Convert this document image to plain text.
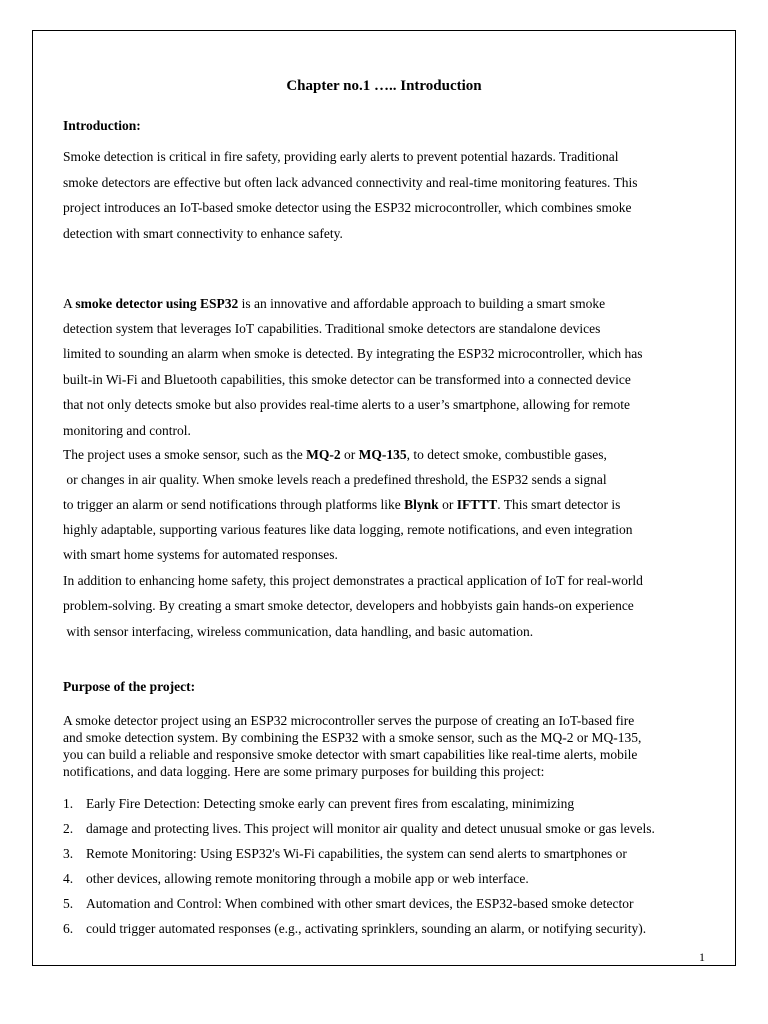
Chapter no.1 ….. Introduction
Introduction:
Smoke detection is critical in fire safety, providing early alerts to prevent potential hazards. Traditional
smoke detectors are effective but often lack advanced connectivity and real-time monitoring features. This
project introduces an IoT-based smoke detector using the ESP32 microcontroller, which combines smoke
detection with smart connectivity to enhance safety.
A smoke detector using ESP32 is an innovative and affordable approach to building a smart smoke
detection system that leverages IoT capabilities. Traditional smoke detectors are standalone devices
limited to sounding an alarm when smoke is detected. By integrating the ESP32 microcontroller, which has
built-in Wi-Fi and Bluetooth capabilities, this smoke detector can be transformed into a connected device
that not only detects smoke but also provides real-time alerts to a user’s smartphone, allowing for remote
monitoring and control.
The project uses a smoke sensor, such as the MQ-2 or MQ-135, to detect smoke, combustible gases,
or changes in air quality. When smoke levels reach a predefined threshold, the ESP32 sends a signal
to trigger an alarm or send notifications through platforms like Blynk or IFTTT. This smart detector is
highly adaptable, supporting various features like data logging, remote notifications, and even integration
with smart home systems for automated responses.
In addition to enhancing home safety, this project demonstrates a practical application of IoT for real-world
problem-solving. By creating a smart smoke detector, developers and hobbyists gain hands-on experience
with sensor interfacing, wireless communication, data handling, and basic automation.
Purpose of the project:
A smoke detector project using an ESP32 microcontroller serves the purpose of creating an IoT-based fire
and smoke detection system. By combining the ESP32 with a smoke sensor, such as the MQ-2 or MQ-135,
you can build a reliable and responsive smoke detector with smart capabilities like real-time alerts, mobile
notifications, and data logging. Here are some primary purposes for building this project:
1. Early Fire Detection: Detecting smoke early can prevent fires from escalating, minimizing
2. damage and protecting lives. This project will monitor air quality and detect unusual smoke or gas levels.
3. Remote Monitoring: Using ESP32's Wi-Fi capabilities, the system can send alerts to smartphones or
4. other devices, allowing remote monitoring through a mobile app or web interface.
5. Automation and Control: When combined with other smart devices, the ESP32-based smoke detector
6. could trigger automated responses (e.g., activating sprinklers, sounding an alarm, or notifying security).
1
